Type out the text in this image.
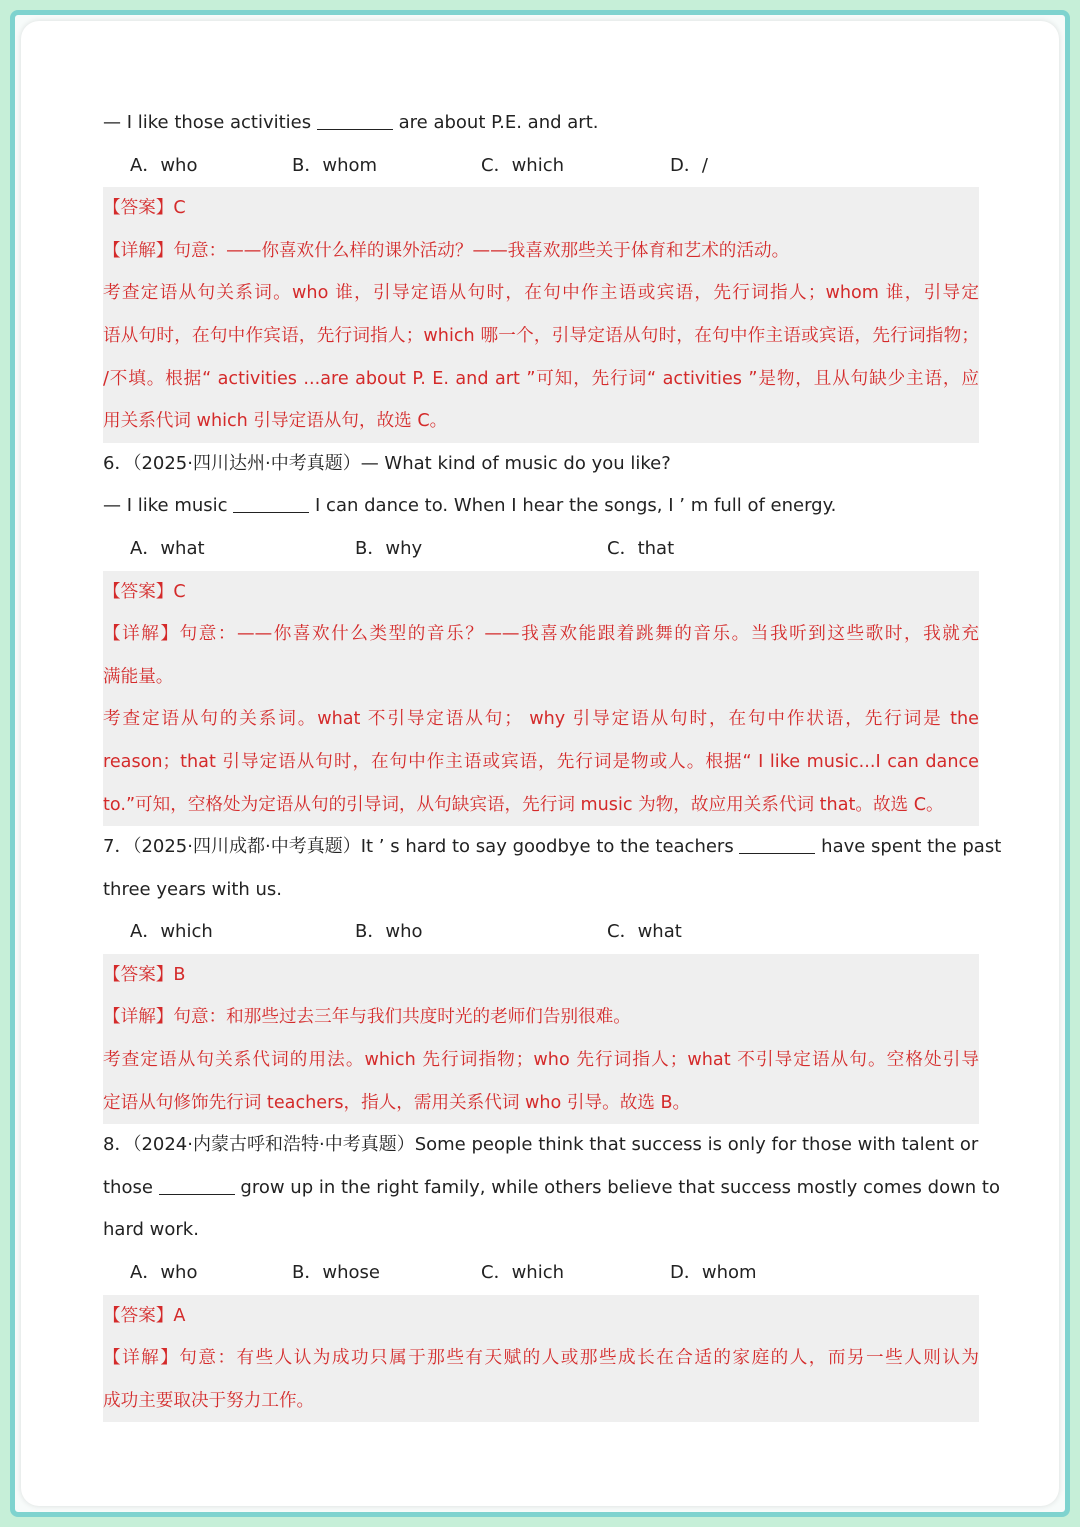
— I like those activities	are about P.E. and art.
A．who	B．whom	C．which	D．/
【答案】C
【详解】句意：——你喜欢什么样的课外活动？——我喜欢那些关于体育和艺术的活动。
考查定语从句关系词。who 谁，引导定语从句时，在句中作主语或宾语，先行词指人；whom 谁，引导定
语从句时，在句中作宾语，先行词指人；which 哪一个，引导定语从句时，在句中作主语或宾语，先行词指物；
/不填。根据“ activities ...are about P. E. and art ”可知，先行词“ activities ”是物，且从句缺少主语，应
用关系代词 which 引导定语从句，故选 C。
6．（2025·四川达州·中考真题）— What kind of music do you like?
— I like music	I can dance to. When I hear the songs, I ’ m full of energy.
A．what	B．why	C．that
【答案】C
【详解】句意：——你喜欢什么类型的音乐？——我喜欢能跟着跳舞的音乐。当我听到这些歌时，我就充
满能量。
考查定语从句的关系词。what 不引导定语从句； why 引导定语从句时，在句中作状语，先行词是 the
reason；that 引导定语从句时，在句中作主语或宾语，先行词是物或人。根据“ I like music...I can dance
to.”可知，空格处为定语从句的引导词，从句缺宾语，先行词 music 为物，故应用关系代词 that。故选 C。
7．（2025·四川成都·中考真题）It ’ s hard to say goodbye to the teachers	have spent the past
three years with us.
A．which	B．who	C．what
【答案】B
【详解】句意：和那些过去三年与我们共度时光的老师们告别很难。
考查定语从句关系代词的用法。which 先行词指物；who 先行词指人；what 不引导定语从句。空格处引导
定语从句修饰先行词 teachers，指人，需用关系代词 who 引导。故选 B。
8．（2024·内蒙古呼和浩特·中考真题）Some people think that success is only for those with talent or
those	grow up in the right family, while others believe that success mostly comes down to
hard work.
A．who	B．whose	C．which	D．whom
【答案】A
【详解】句意：有些人认为成功只属于那些有天赋的人或那些成长在合适的家庭的人，而另一些人则认为
成功主要取决于努力工作。
